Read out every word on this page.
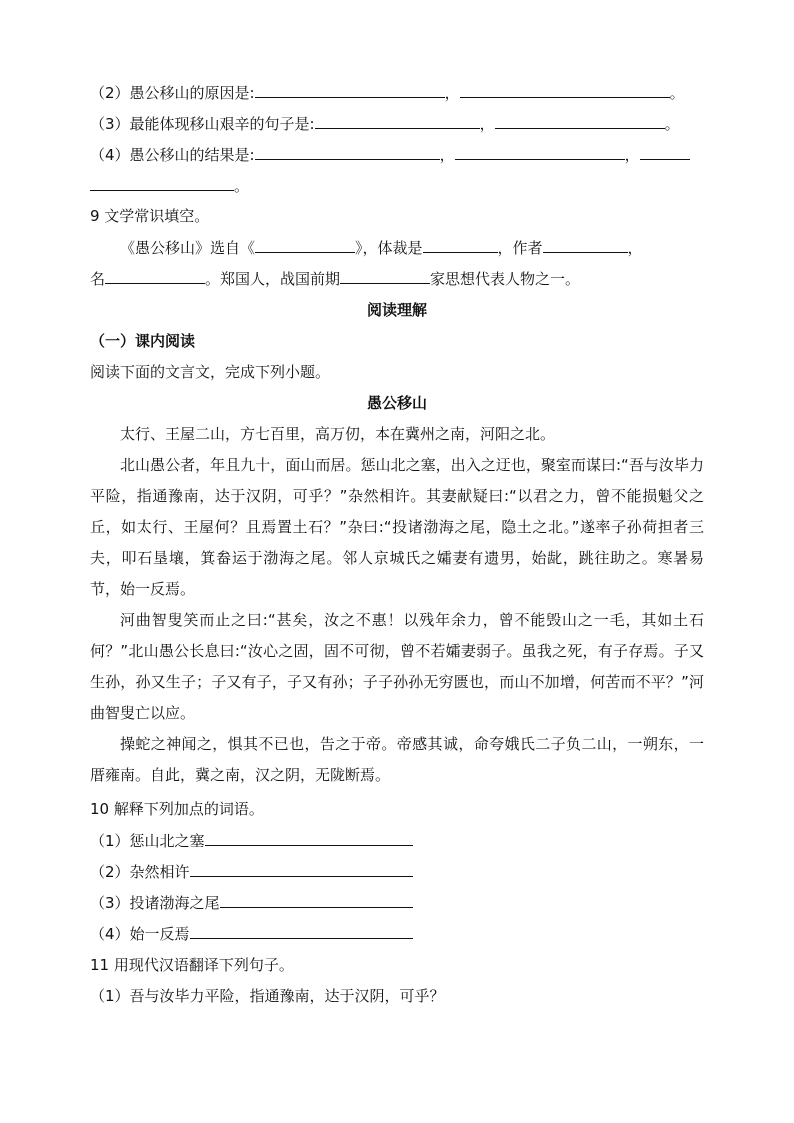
（2）愚公移山的原因是:	，	。
（3）最能体现移山艰辛的句子是:	，	。
（4）愚公移山的结果是:	，	，
。
9 文学常识填空。
《愚公移山》选自《	》，体裁是	，作者	，
名	。郑国人，战国前期	家思想代表人物之一。
阅读理解
（一）课内阅读
阅读下面的文言文，完成下列小题。
愚公移山
太行、王屋二山，方七百里，高万仞，本在冀州之南，河阳之北。
北山愚公者，年且九十，面山而居。惩山北之塞，出入之迂也，聚室而谋曰:“吾与汝毕力平险，指通豫南，达于汉阴，可乎？”杂然相许。其妻献疑曰:“以君之力，曾不能损魁父之丘，如太行、王屋何？且焉置土石？”杂曰:“投诸渤海之尾，隐土之北。”遂率子孙荷担者三夫，叩石垦壤，箕畚运于渤海之尾。邻人京城氏之孀妻有遗男，始龀，跳往助之。寒暑易节，始一反焉。
河曲智叟笑而止之曰:“甚矣，汝之不惠！以残年余力，曾不能毁山之一毛，其如土石何？”北山愚公长息曰:“汝心之固，固不可彻，曾不若孀妻弱子。虽我之死，有子存焉。子又生孙，孙又生子；子又有子，子又有孙；子子孙孙无穷匮也，而山不加增，何苦而不平？”河曲智叟亡以应。
操蛇之神闻之，惧其不已也，告之于帝。帝感其诚，命夸娥氏二子负二山，一朔东，一厝雍南。自此，冀之南，汉之阴，无陇断焉。
10 解释下列加点的词语。
（1）惩山北之塞
（2）杂然相许
（3）投诸渤海之尾
（4）始一反焉
11 用现代汉语翻译下列句子。
（1）吾与汝毕力平险，指通豫南，达于汉阴，可乎？
